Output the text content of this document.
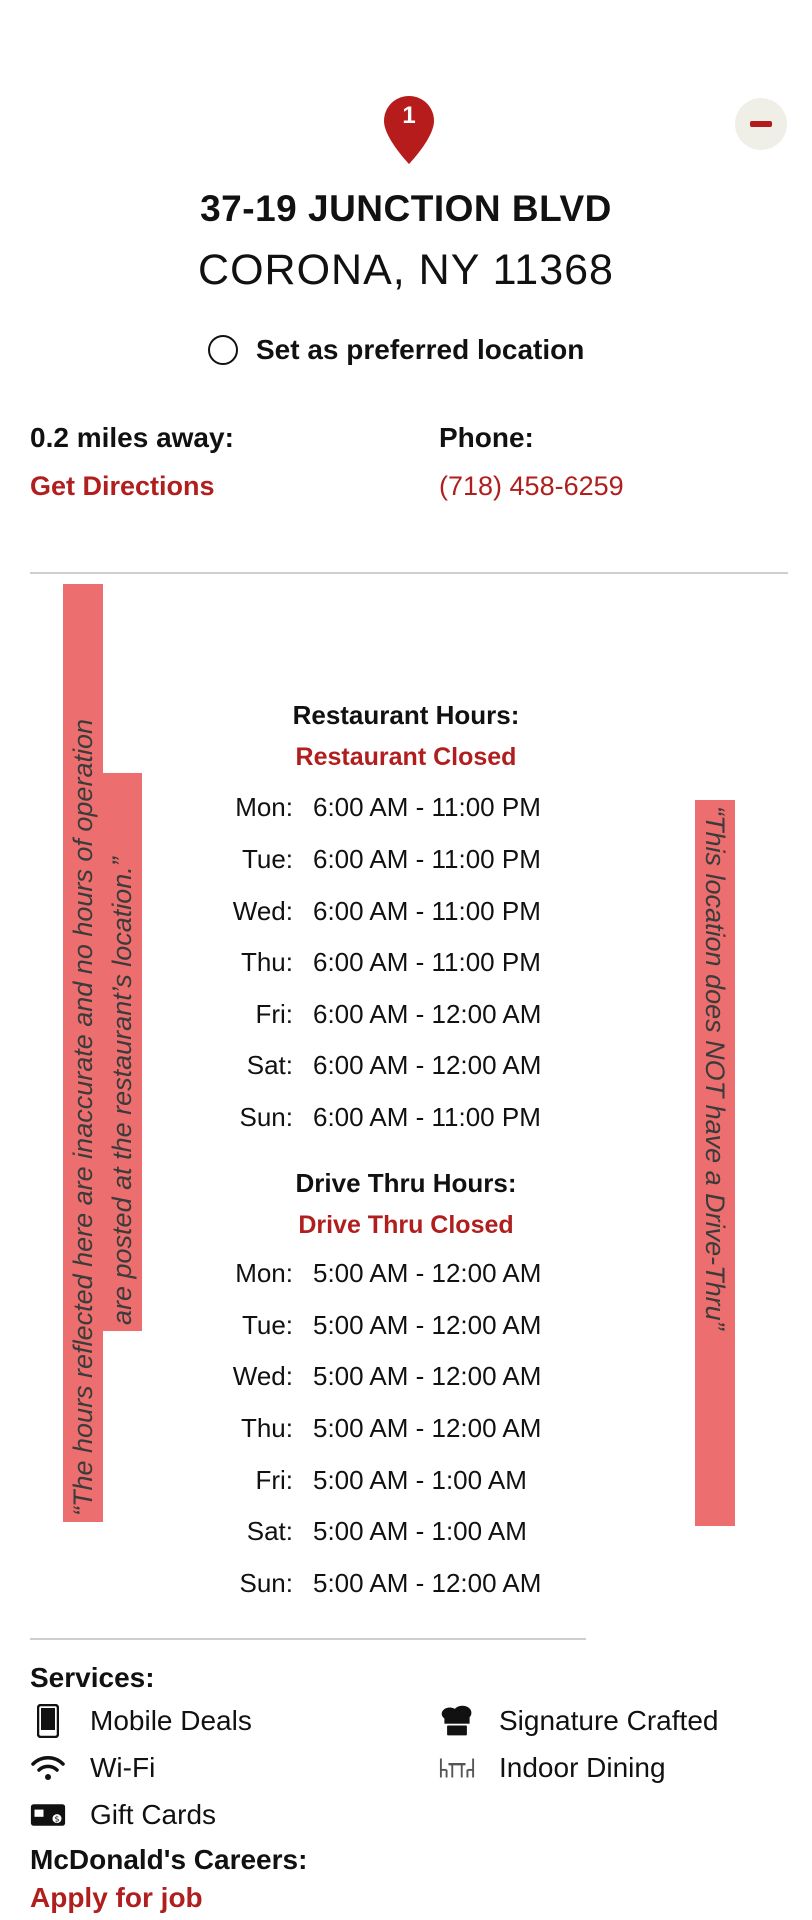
1
37-19 JUNCTION BLVD
CORONA, NY 11368
Set as preferred location
0.2 miles away:
Get Directions
Phone:
(718) 458-6259
Restaurant Hours:
Restaurant Closed
Mon: 6:00 AM - 11:00 PM
Tue: 6:00 AM - 11:00 PM
Wed: 6:00 AM - 11:00 PM
Thu: 6:00 AM - 11:00 PM
Fri: 6:00 AM - 12:00 AM
Sat: 6:00 AM - 12:00 AM
Sun: 6:00 AM - 11:00 PM
Drive Thru Hours:
Drive Thru Closed
Mon: 5:00 AM - 12:00 AM
Tue: 5:00 AM - 12:00 AM
Wed: 5:00 AM - 12:00 AM
Thu: 5:00 AM - 12:00 AM
Fri: 5:00 AM - 1:00 AM
Sat: 5:00 AM - 1:00 AM
Sun: 5:00 AM - 12:00 AM
“The hours reflected here are inaccurate and no hours of operation are posted at the restaurant’s location.”	“This location does NOT have a Drive-Thru”
Services:
Mobile Deals	Signature Crafted
Wi-Fi	Indoor Dining
$ Gift Cards
McDonald's Careers:
Apply for job
